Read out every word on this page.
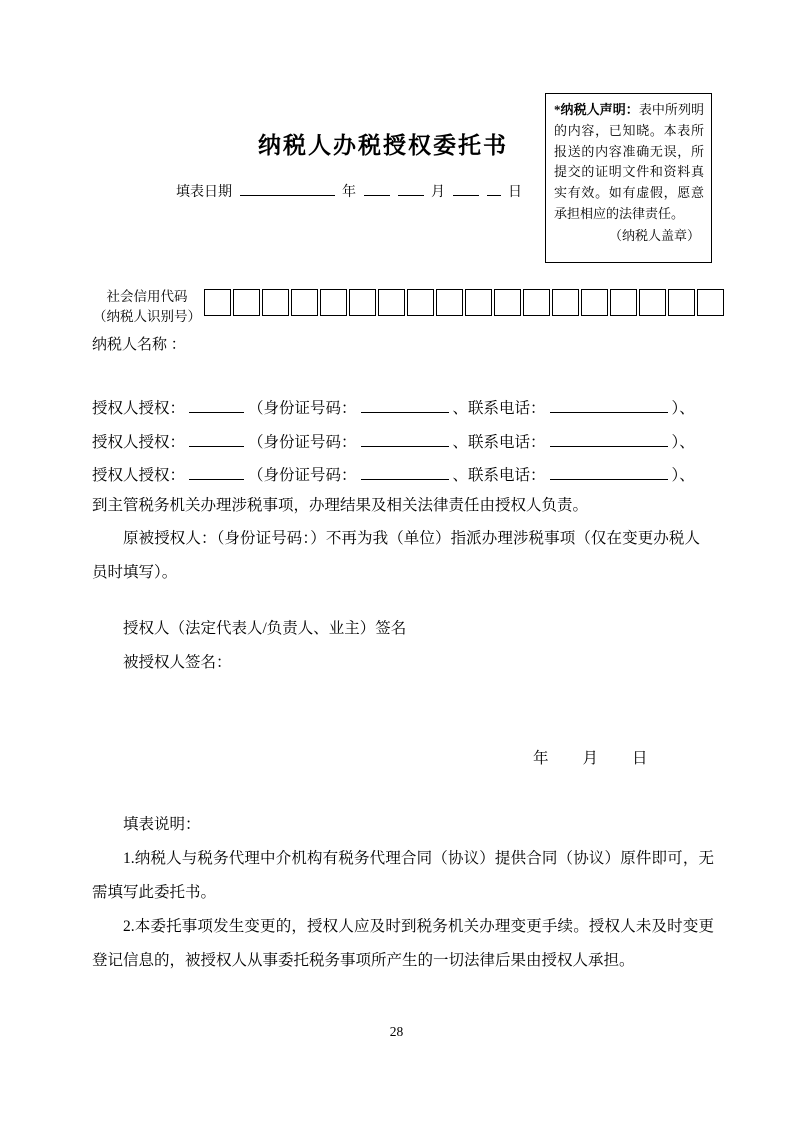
纳税人办税授权委托书
填表日期	年	月	日
*纳税人声明：表中所列明的内容，已知晓。本表所报送的内容准确无误，所提交的证明文件和资料真实有效。如有虚假，愿意承担相应的法律责任。
（纳税人盖章）
社会信用代码
（纳税人识别号）
纳税人名称 ：
授权人授权：	（身份证号码：	、联系电话：	）、
授权人授权：	（身份证号码：	、联系电话：	）、
授权人授权：	（身份证号码：	、联系电话：	）、
到主管税务机关办理涉税事项，办理结果及相关法律责任由授权人负责。
原被授权人：（身份证号码：）不再为我（单位）指派办理涉税事项（仅在变更办税人员时填写）。
授权人（法定代表人/负责人、业主）签名
被授权人签名：
年　　月　　日

填表说明：

1.纳税人与税务代理中介机构有税务代理合同（协议）提供合同（协议）原件即可，无需填写此委托书。

2.本委托事项发生变更的，授权人应及时到税务机关办理变更手续。授权人未及时变更登记信息的，被授权人从事委托税务事项所产生的一切法律后果由授权人承担。

28
